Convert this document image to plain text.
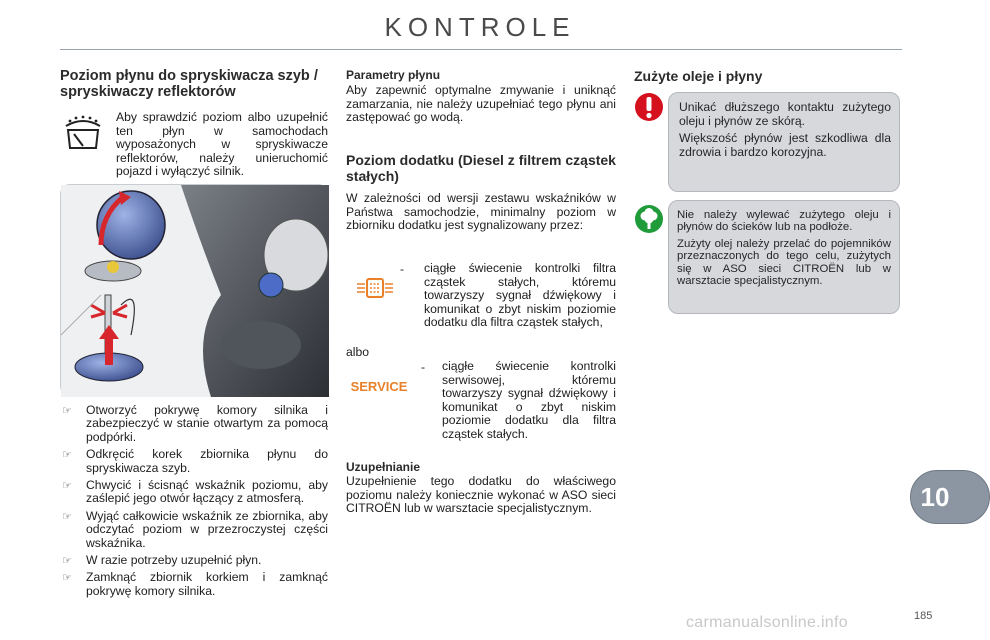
KONTROLE
Poziom płynu do spryskiwacza szyb / spryskiwaczy reflektorów
Aby sprawdzić poziom albo uzupełnić ten płyn w samochodach wyposażonych w spryskiwacze reflektorów, należy unieruchomić pojazd i wyłączyć silnik.
☞ Otworzyć pokrywę komory silnika i zabezpieczyć w stanie otwartym za pomocą podpórki.
☞ Odkręcić korek zbiornika płynu do spryskiwacza szyb.
☞ Chwycić i ścisnąć wskaźnik poziomu, aby zaślepić jego otwór łączący z atmosferą.
☞ Wyjąć całkowicie wskaźnik ze zbiornika, aby odczytać poziom w przezroczystej części wskaźnika.
☞ W razie potrzeby uzupełnić płyn.
☞ Zamknąć zbiornik korkiem i zamknąć pokrywę komory silnika.
Parametry płynu
Aby zapewnić optymalne zmywanie i uniknąć zamarzania, nie należy uzupełniać tego płynu ani zastępować go wodą.
Poziom dodatku (Diesel z filtrem cząstek stałych)
W zależności od wersji zestawu wskaźników w Państwa samochodzie, minimalny poziom w zbiorniku dodatku jest sygnalizowany przez:
- ciągłe świecenie kontrolki filtra cząstek stałych, któremu towarzyszy sygnał dźwiękowy i komunikat o zbyt niskim poziomie dodatku dla filtra cząstek stałych,
albo
SERVICE
- ciągłe świecenie kontrolki serwisowej, któremu towarzyszy sygnał dźwiękowy i komunikat o zbyt niskim poziomie dodatku dla filtra cząstek stałych.
Uzupełnianie
Uzupełnienie tego dodatku do właściwego poziomu należy koniecznie wykonać w ASO sieci CITROËN lub w warsztacie specjalistycznym.
Zużyte oleje i płyny

Unikać dłuższego kontaktu zużytego oleju i płynów ze skórą.

Większość płynów jest szkodliwa dla zdrowia i bardzo korozyjna.

Nie należy wylewać zużytego oleju i płynów do ścieków lub na podłoże.

Zużyty olej należy przelać do pojemników przeznaczonych do tego celu, zużytych się w ASO sieci CITROËN lub w warsztacie specjalistycznym.

10
185
carmanualsonline.info
